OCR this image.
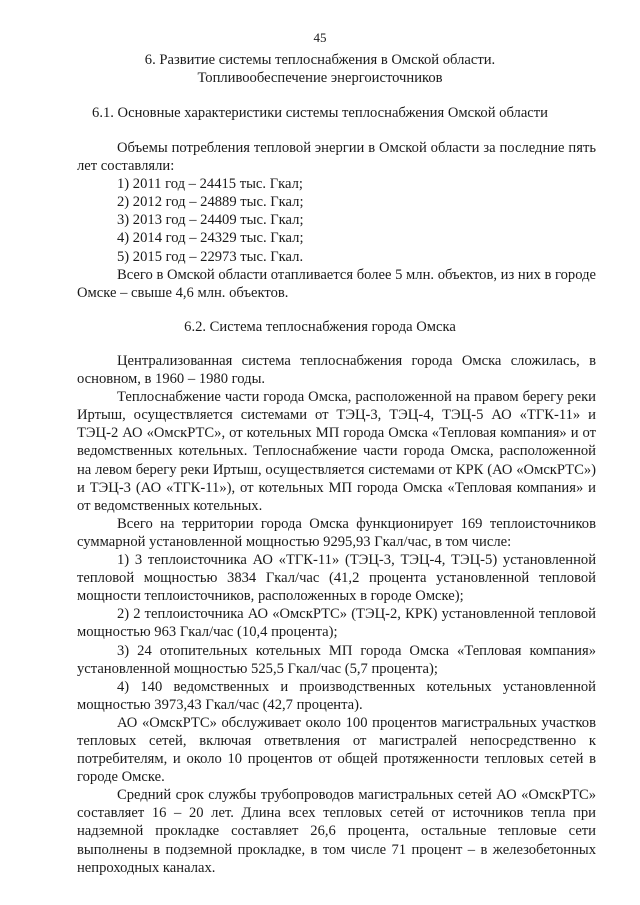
45
6. Развитие системы теплоснабжения в Омской области.
Топливообеспечение энергоисточников
6.1. Основные характеристики системы теплоснабжения Омской области

Объемы потребления тепловой энергии в Омской области за последние пять лет составляли:

1) 2011 год – 24415 тыс. Гкал;

2) 2012 год – 24889 тыс. Гкал;

3) 2013 год – 24409 тыс. Гкал;

4) 2014 год – 24329 тыс. Гкал;

5) 2015 год – 22973 тыс. Гкал.

Всего в Омской области отапливается более 5 млн. объектов, из них в городе Омске – свыше 4,6 млн. объектов.

6.2. Система теплоснабжения города Омска

Централизованная система теплоснабжения города Омска сложилась, в основном, в 1960 – 1980 годы.

Теплоснабжение части города Омска, расположенной на правом берегу реки Иртыш, осуществляется системами от ТЭЦ-3, ТЭЦ-4, ТЭЦ-5 АО «ТГК-11» и ТЭЦ-2 АО «ОмскРТС», от котельных МП города Омска «Тепловая компания» и от ведомственных котельных. Теплоснабжение части города Омска, расположенной на левом берегу реки Иртыш, осуществляется системами от КРК (АО «ОмскРТС») и ТЭЦ-3 (АО «ТГК-11»), от котельных МП города Омска «Тепловая компания» и от ведомственных котельных.

Всего на территории города Омска функционирует 169 теплоисточников суммарной установленной мощностью 9295,93 Гкал/час, в том числе:

1) 3 теплоисточника АО «ТГК-11» (ТЭЦ-3, ТЭЦ-4, ТЭЦ-5) установленной тепловой мощностью 3834 Гкал/час (41,2 процента установленной тепловой мощности теплоисточников, расположенных в городе Омске);

2) 2 теплоисточника АО «ОмскРТС» (ТЭЦ-2, КРК) установленной тепловой мощностью 963 Гкал/час (10,4 процента);

3) 24 отопительных котельных МП города Омска «Тепловая компания» установленной мощностью 525,5 Гкал/час (5,7 процента);

4) 140 ведомственных и производственных котельных установленной мощностью 3973,43 Гкал/час (42,7 процента).

АО «ОмскРТС» обслуживает около 100 процентов магистральных участков тепловых сетей, включая ответвления от магистралей непосредственно к потребителям, и около 10 процентов от общей протяженности тепловых сетей в городе Омске.

Средний срок службы трубопроводов магистральных сетей АО «ОмскРТС» составляет 16 – 20 лет. Длина всех тепловых сетей от источников тепла при надземной прокладке составляет 26,6 процента, остальные тепловые сети выполнены в подземной прокладке, в том числе 71 процент – в железобетонных непроходных каналах.
